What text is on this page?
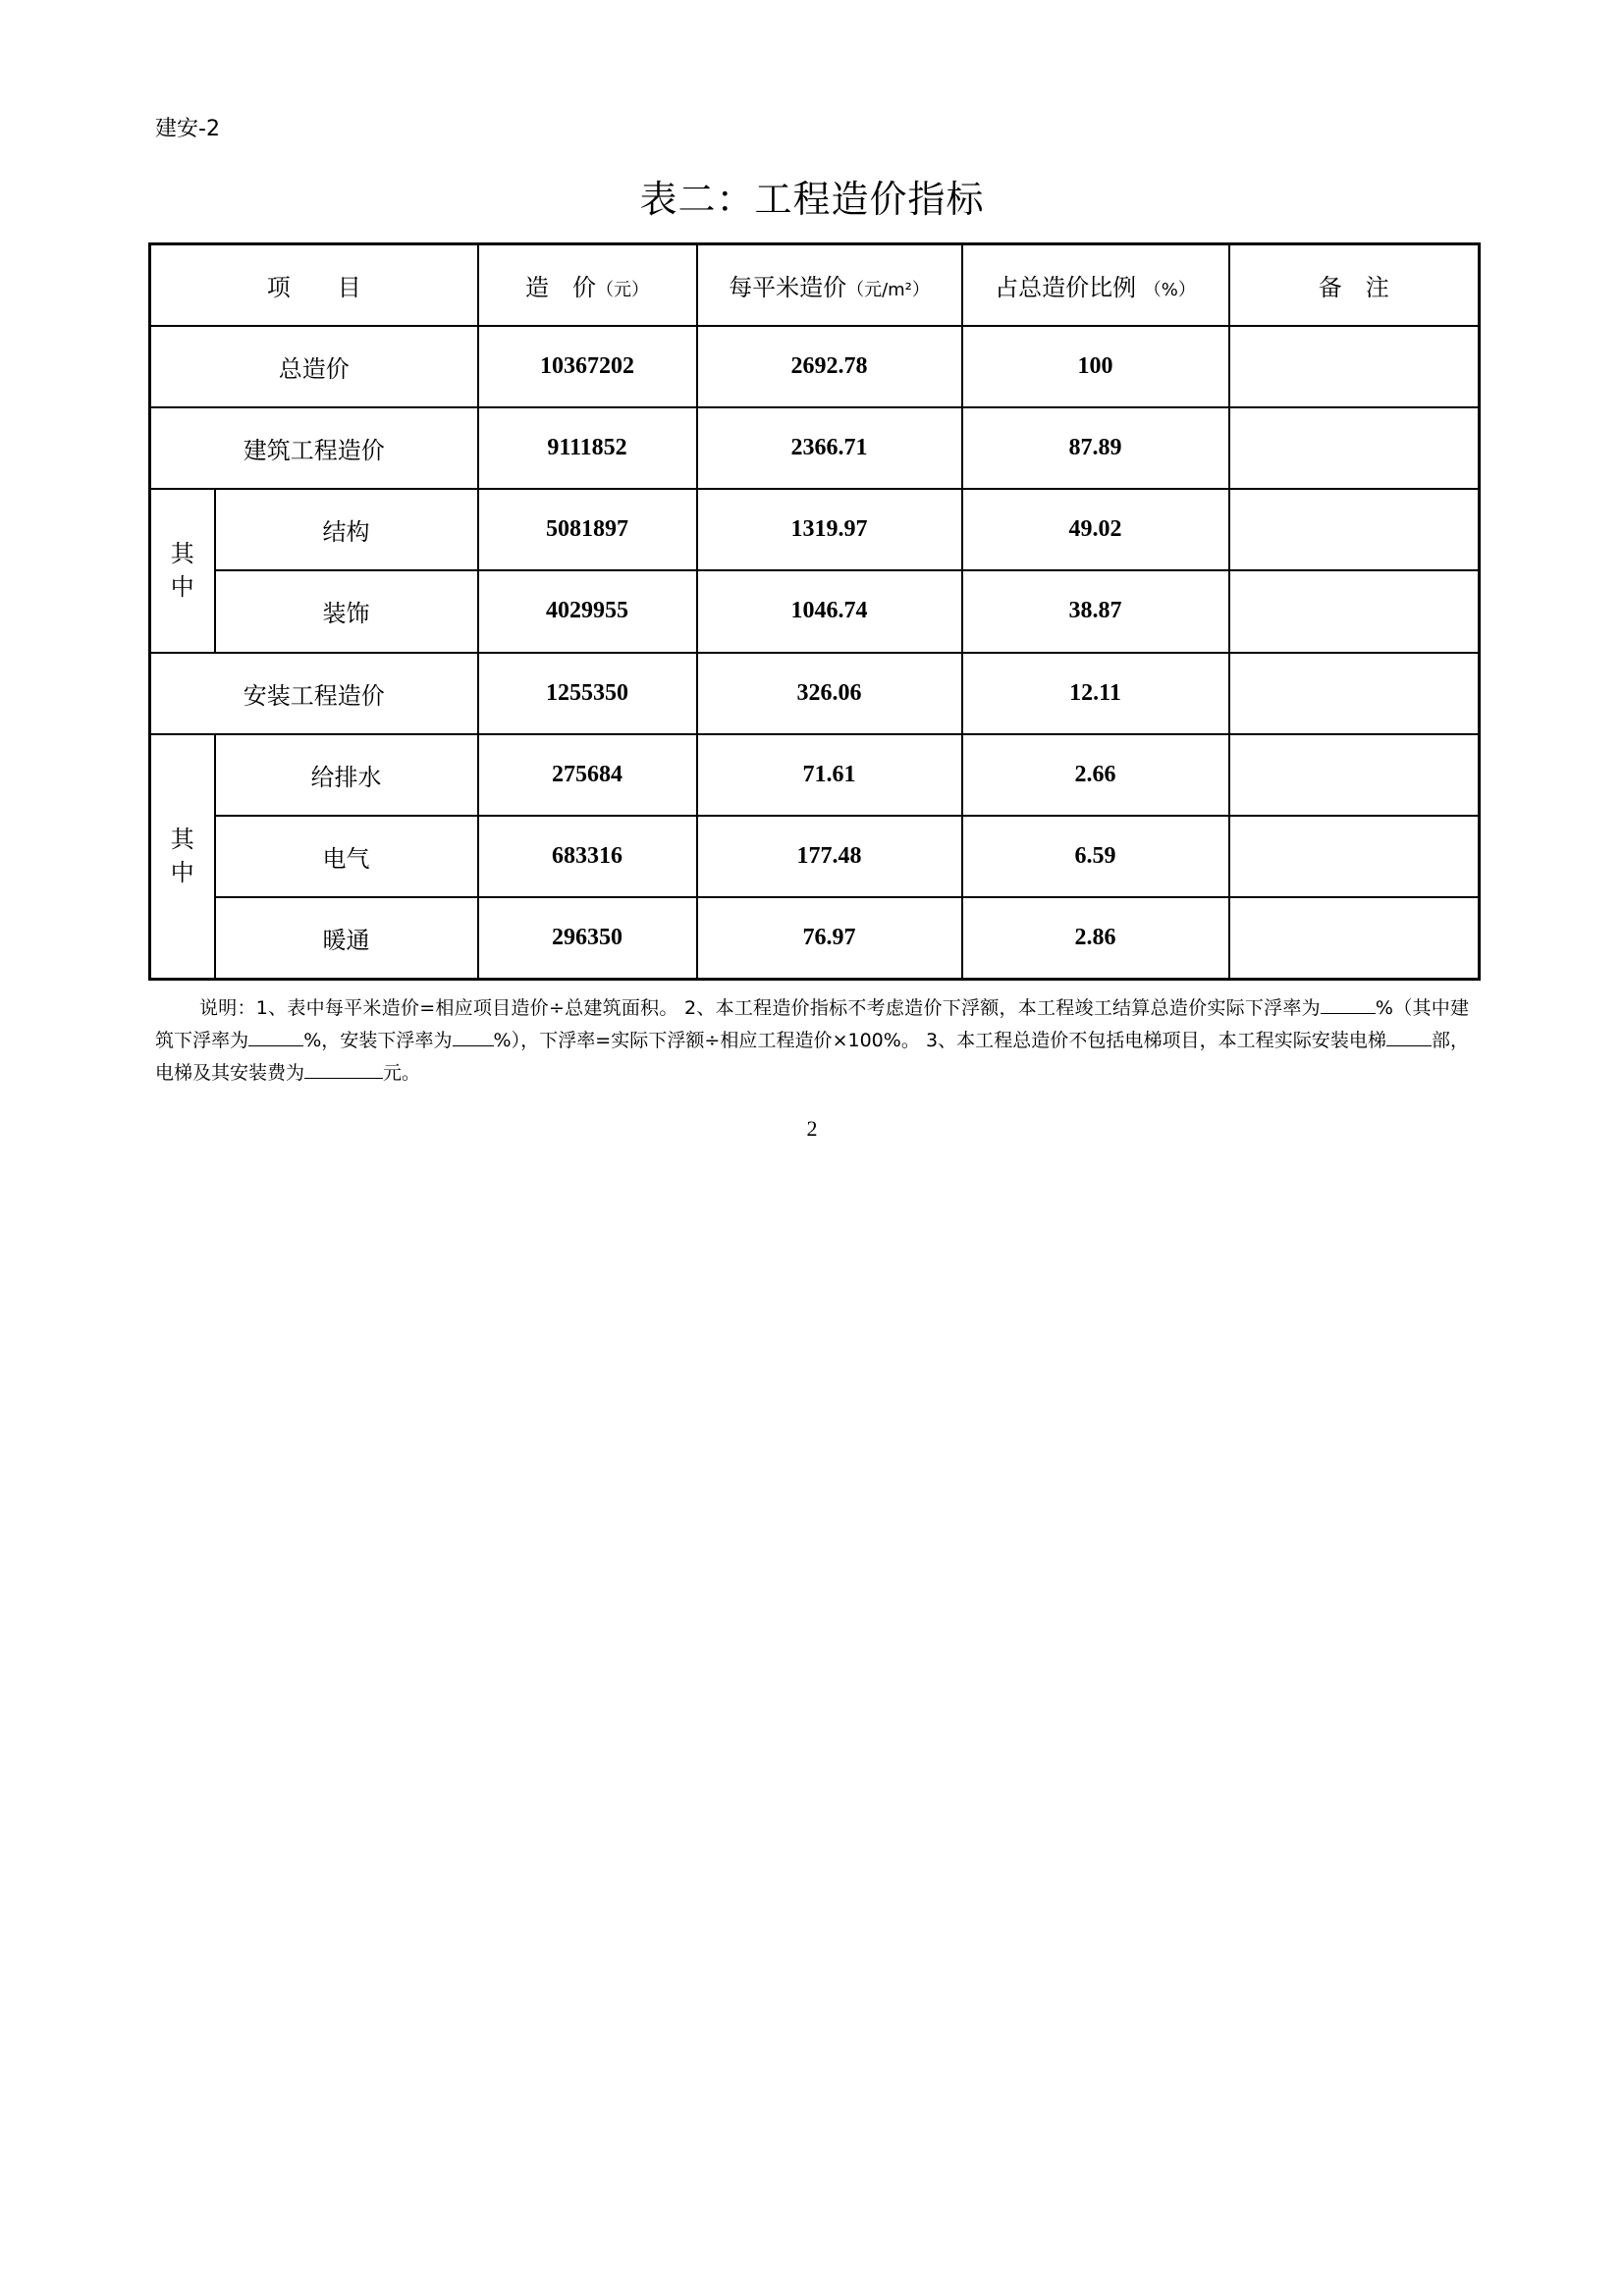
建安-2
表二：工程造价指标
项　　目		造　价（元）	每平米造价（元/m²）	占总造价比例 （%）	备　注
总造价		10367202	2692.78	100	
建筑工程造价		9111852	2366.71	87.89	
其中	结构	5081897	1319.97	49.02	
	装饰	4029955	1046.74	38.87	
安装工程造价		1255350	326.06	12.11	
其中	给排水	275684	71.61	2.66	
	电气	683316	177.48	6.59	
	暖通	296350	76.97	2.86	
说明：1、表中每平米造价=相应项目造价÷总建筑面积。 2、本工程造价指标不考虑造价下浮额，本工程竣工结算总造价实际下浮率为	%（其中建筑下浮率为	%，安装下浮率为 %），下浮率=实际下浮额÷相应工程造价×100%。 3、本工程总造价不包括电梯项目，本工程实际安装电梯 部，电梯及其安装费为	元。
2
